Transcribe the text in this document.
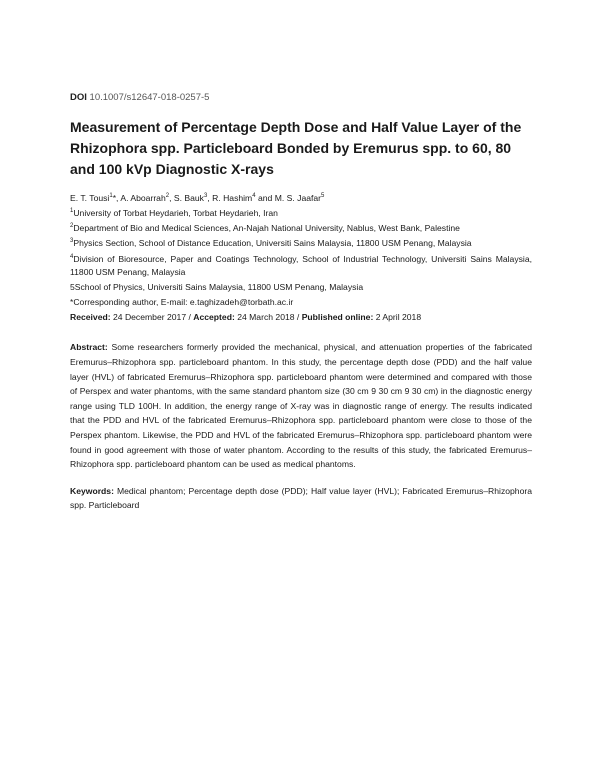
DOI 10.1007/s12647-018-0257-5

Measurement of Percentage Depth Dose and Half Value Layer of the Rhizophora spp. Particleboard Bonded by Eremurus spp. to 60, 80 and 100 kVp Diagnostic X-rays

E. T. Tousi$^1$*, A. Aboarrah$^2$, S. Bauk$^3$, R. Hashim$^4$ and M. S. Jaafar$^5$

$^1$University of Torbat Heydarieh, Torbat Heydarieh, Iran

$^2$Department of Bio and Medical Sciences, An-Najah National University, Nablus, West Bank, Palestine

$^3$Physics Section, School of Distance Education, Universiti Sains Malaysia, 11800 USM Penang, Malaysia

$^4$Division of Bioresource, Paper and Coatings Technology, School of Industrial Technology, Universiti Sains Malaysia, 11800 USM Penang, Malaysia

5School of Physics, Universiti Sains Malaysia, 11800 USM Penang, Malaysia

*Corresponding author, E-mail: e.taghizadeh@torbath.ac.ir

Received: 24 December 2017 / Accepted: 24 March 2018 / Published online: 2 April 2018

Abstract: Some researchers formerly provided the mechanical, physical, and attenuation properties of the fabricated Eremurus–Rhizophora spp. particleboard phantom. In this study, the percentage depth dose (PDD) and the half value layer (HVL) of fabricated Eremurus–Rhizophora spp. particleboard phantom were determined and compared with those of Perspex and water phantoms, with the same standard phantom size (30 cm 9 30 cm 9 30 cm) in the diagnostic energy range using TLD 100H. In addition, the energy range of X-ray was in diagnostic range of energy. The results indicated that the PDD and HVL of the fabricated Eremurus–Rhizophora spp. particleboard phantom were close to those of the Perspex phantom. Likewise, the PDD and HVL of the fabricated Eremurus–Rhizophora spp. particleboard phantom were found in good agreement with those of water phantom. According to the results of this study, the fabricated Eremurus–Rhizophora spp. particleboard phantom can be used as medical phantoms.

Keywords: Medical phantom; Percentage depth dose (PDD); Half value layer (HVL); Fabricated Eremurus–Rhizophora spp. Particleboard
